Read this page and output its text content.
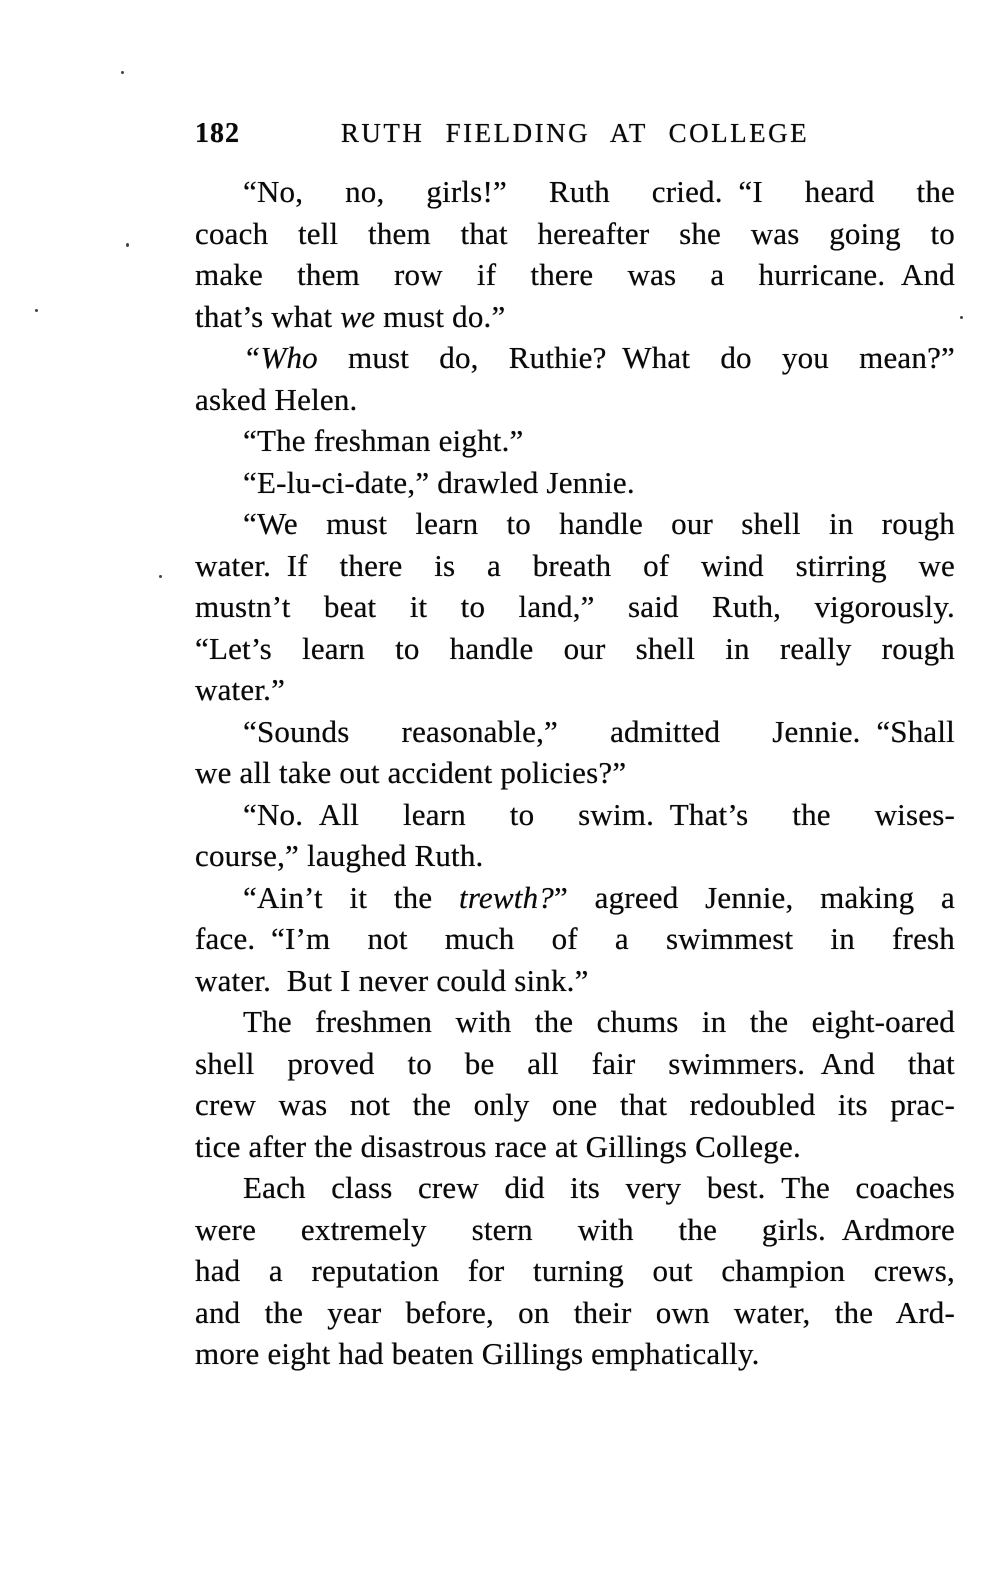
182	RUTH FIELDING AT COLLEGE
“No, no, girls!” Ruth cried. “I heard the
coach tell them that hereafter she was going to
make them row if there was a hurricane. And
that’s what we must do.”
“Who must do, Ruthie? What do you mean?”
asked Helen.
“The freshman eight.”
“E-lu-ci-date,” drawled Jennie.
“We must learn to handle our shell in rough
water. If there is a breath of wind stirring we
mustn’t beat it to land,” said Ruth, vigorously.
“Let’s learn to handle our shell in really rough
water.”
“Sounds reasonable,” admitted Jennie. “Shall
we all take out accident policies?”
“No. All learn to swim. That’s the wises-
course,” laughed Ruth.
“Ain’t it the trewth?” agreed Jennie, making a
face. “I’m not much of a swimmest in fresh
water. But I never could sink.”
The freshmen with the chums in the eight-oared
shell proved to be all fair swimmers. And that
crew was not the only one that redoubled its prac-
tice after the disastrous race at Gillings College.
Each class crew did its very best. The coaches
were extremely stern with the girls. Ardmore
had a reputation for turning out champion crews,
and the year before, on their own water, the Ard-
more eight had beaten Gillings emphatically.
